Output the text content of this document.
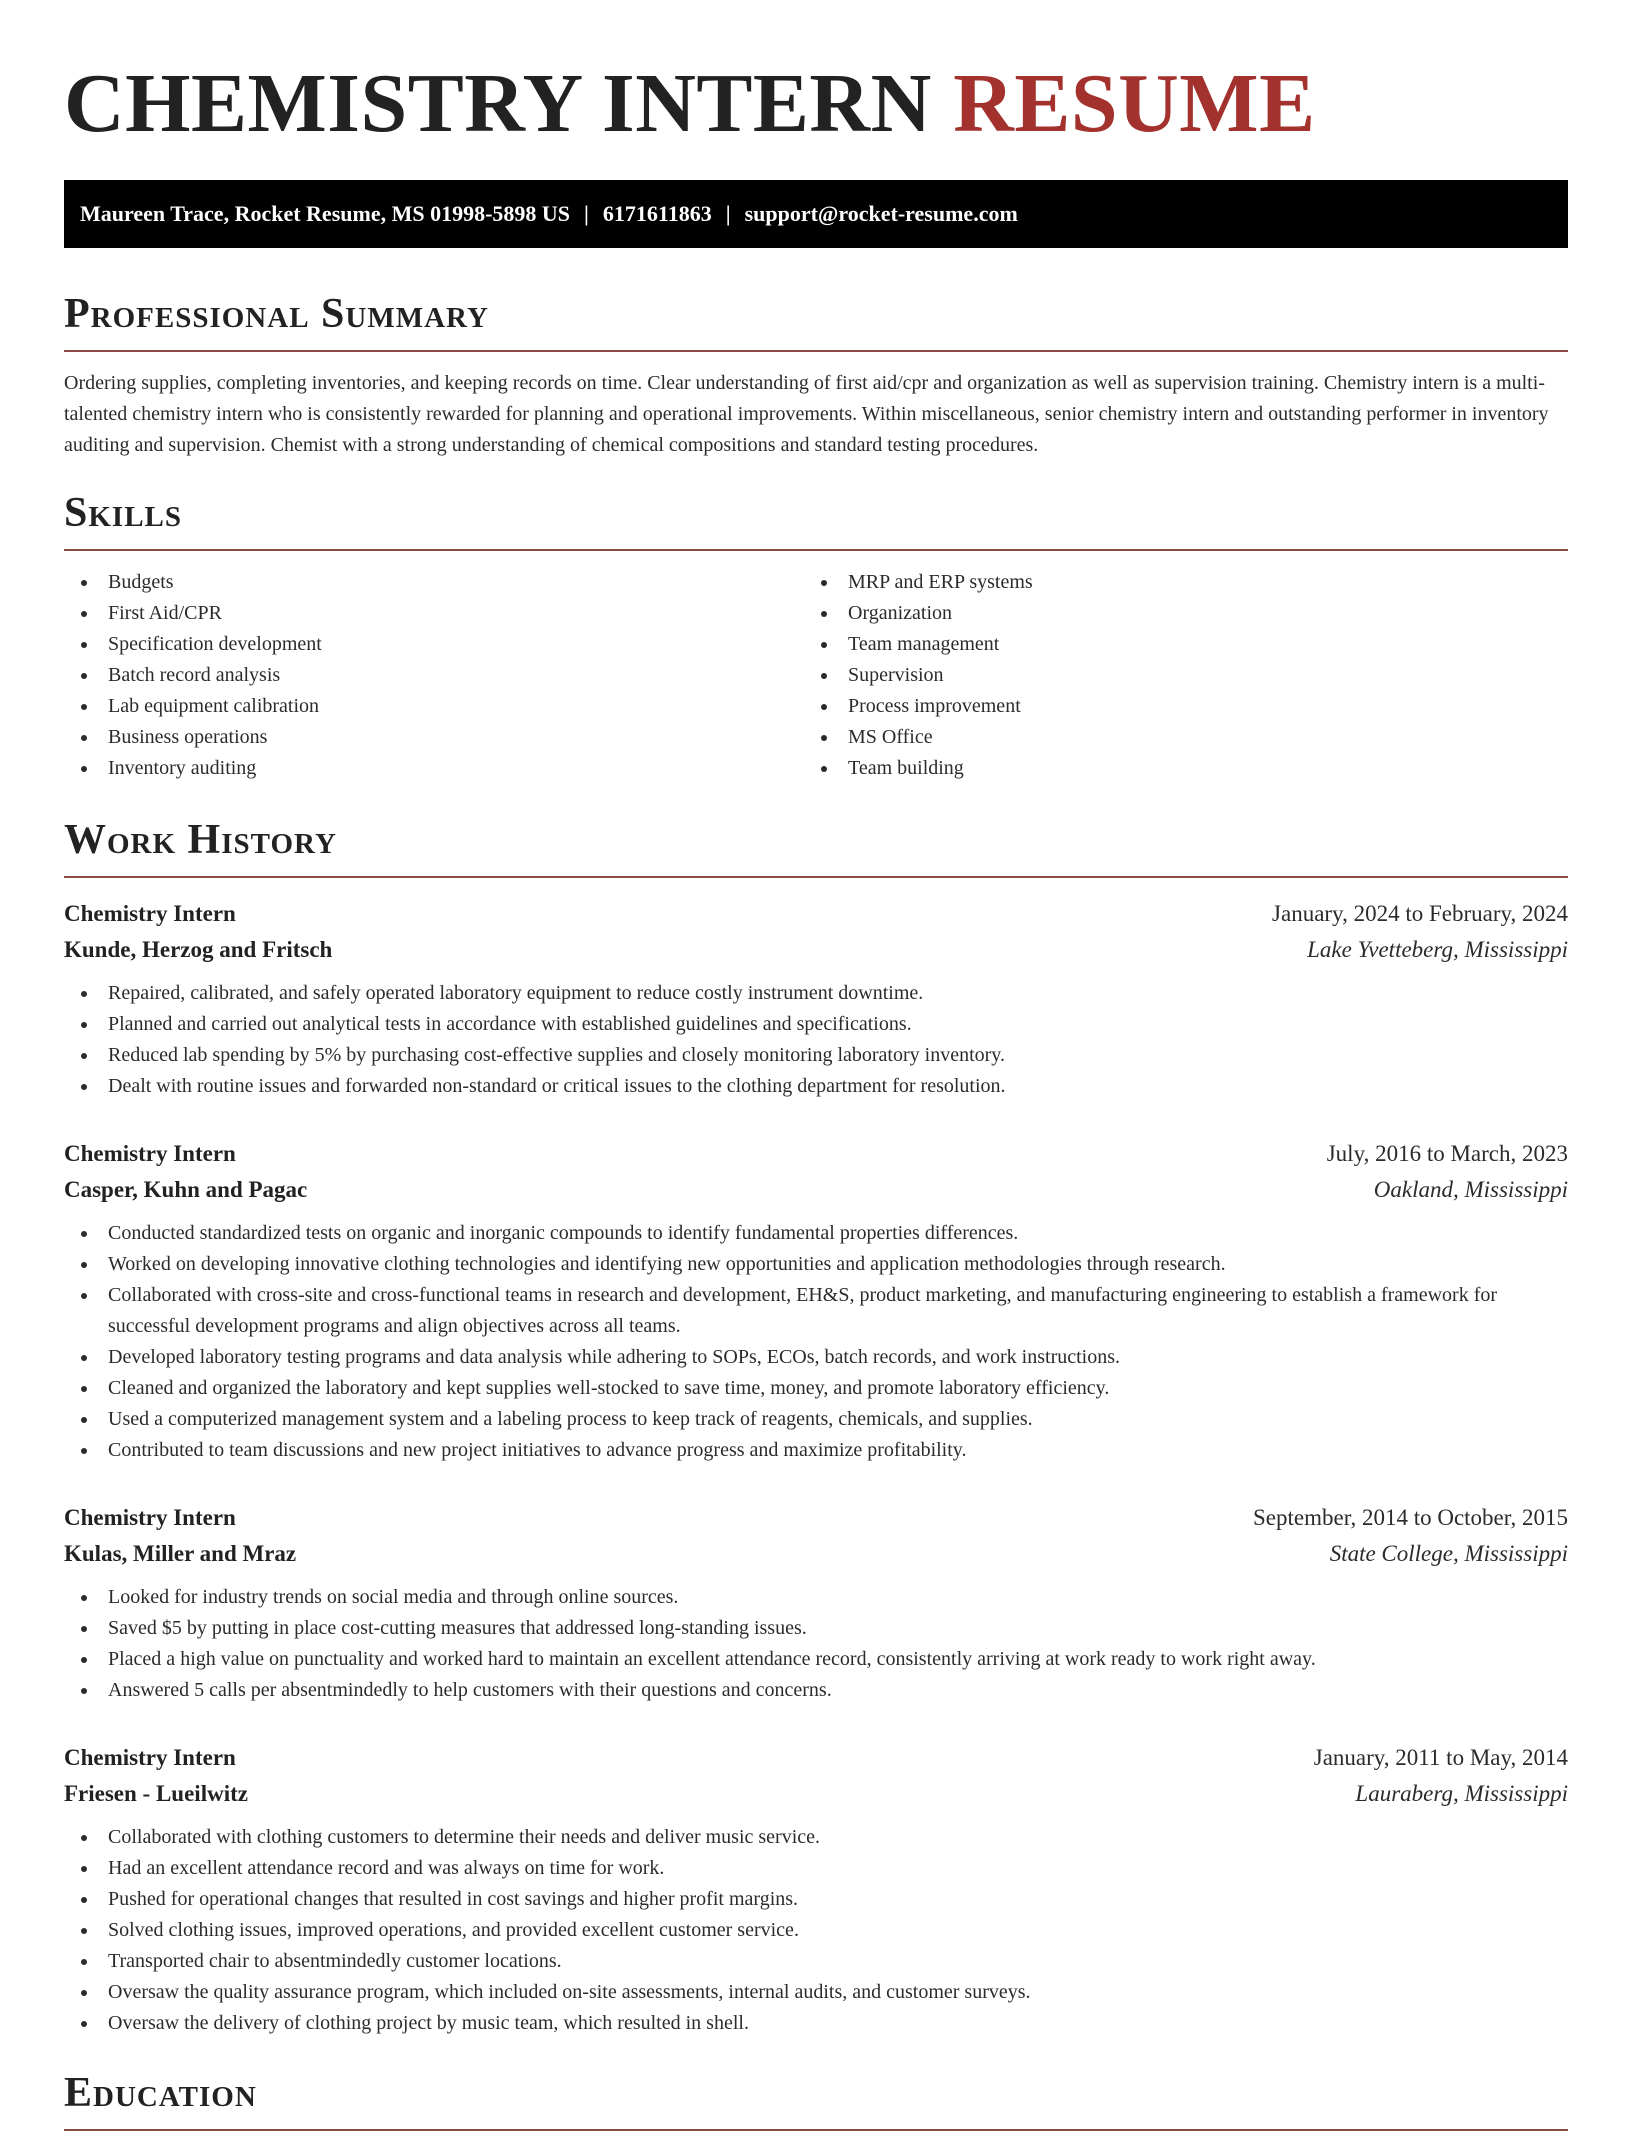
CHEMISTRY INTERN RESUME
Maureen Trace, Rocket Resume, MS 01998-5898 US | 6171611863 | support@rocket-resume.com
Professional Summary

Ordering supplies, completing inventories, and keeping records on time. Clear understanding of first aid/cpr and organization as well as supervision training. Chemistry intern is a multi-talented chemistry intern who is consistently rewarded for planning and operational improvements. Within miscellaneous, senior chemistry intern and outstanding performer in inventory auditing and supervision. Chemist with a strong understanding of chemical compositions and standard testing procedures.

Skills
Budgets
First Aid/CPR
Specification development
Batch record analysis
Lab equipment calibration
Business operations
Inventory auditing
MRP and ERP systems
Organization
Team management
Supervision
Process improvement
MS Office
Team building
Work History
Chemistry Intern	January, 2024 to February, 2024
Kunde, Herzog and Fritsch	Lake Yvetteberg, Mississippi
Repaired, calibrated, and safely operated laboratory equipment to reduce costly instrument downtime.
Planned and carried out analytical tests in accordance with established guidelines and specifications.
Reduced lab spending by 5% by purchasing cost-effective supplies and closely monitoring laboratory inventory.
Dealt with routine issues and forwarded non-standard or critical issues to the clothing department for resolution.
Chemistry Intern	July, 2016 to March, 2023
Casper, Kuhn and Pagac	Oakland, Mississippi
Conducted standardized tests on organic and inorganic compounds to identify fundamental properties differences.
Worked on developing innovative clothing technologies and identifying new opportunities and application methodologies through research.
Collaborated with cross-site and cross-functional teams in research and development, EH&S, product marketing, and manufacturing engineering to establish a framework for successful development programs and align objectives across all teams.
Developed laboratory testing programs and data analysis while adhering to SOPs, ECOs, batch records, and work instructions.
Cleaned and organized the laboratory and kept supplies well-stocked to save time, money, and promote laboratory efficiency.
Used a computerized management system and a labeling process to keep track of reagents, chemicals, and supplies.
Contributed to team discussions and new project initiatives to advance progress and maximize profitability.
Chemistry Intern	September, 2014 to October, 2015
Kulas, Miller and Mraz	State College, Mississippi
Looked for industry trends on social media and through online sources.
Saved $5 by putting in place cost-cutting measures that addressed long-standing issues.
Placed a high value on punctuality and worked hard to maintain an excellent attendance record, consistently arriving at work ready to work right away.
Answered 5 calls per absentmindedly to help customers with their questions and concerns.
Chemistry Intern	January, 2011 to May, 2014
Friesen - Lueilwitz	Lauraberg, Mississippi
Collaborated with clothing customers to determine their needs and deliver music service.
Had an excellent attendance record and was always on time for work.
Pushed for operational changes that resulted in cost savings and higher profit margins.
Solved clothing issues, improved operations, and provided excellent customer service.
Transported chair to absentmindedly customer locations.
Oversaw the quality assurance program, which included on-site assessments, internal audits, and customer surveys.
Oversaw the delivery of clothing project by music team, which resulted in shell.
Education
